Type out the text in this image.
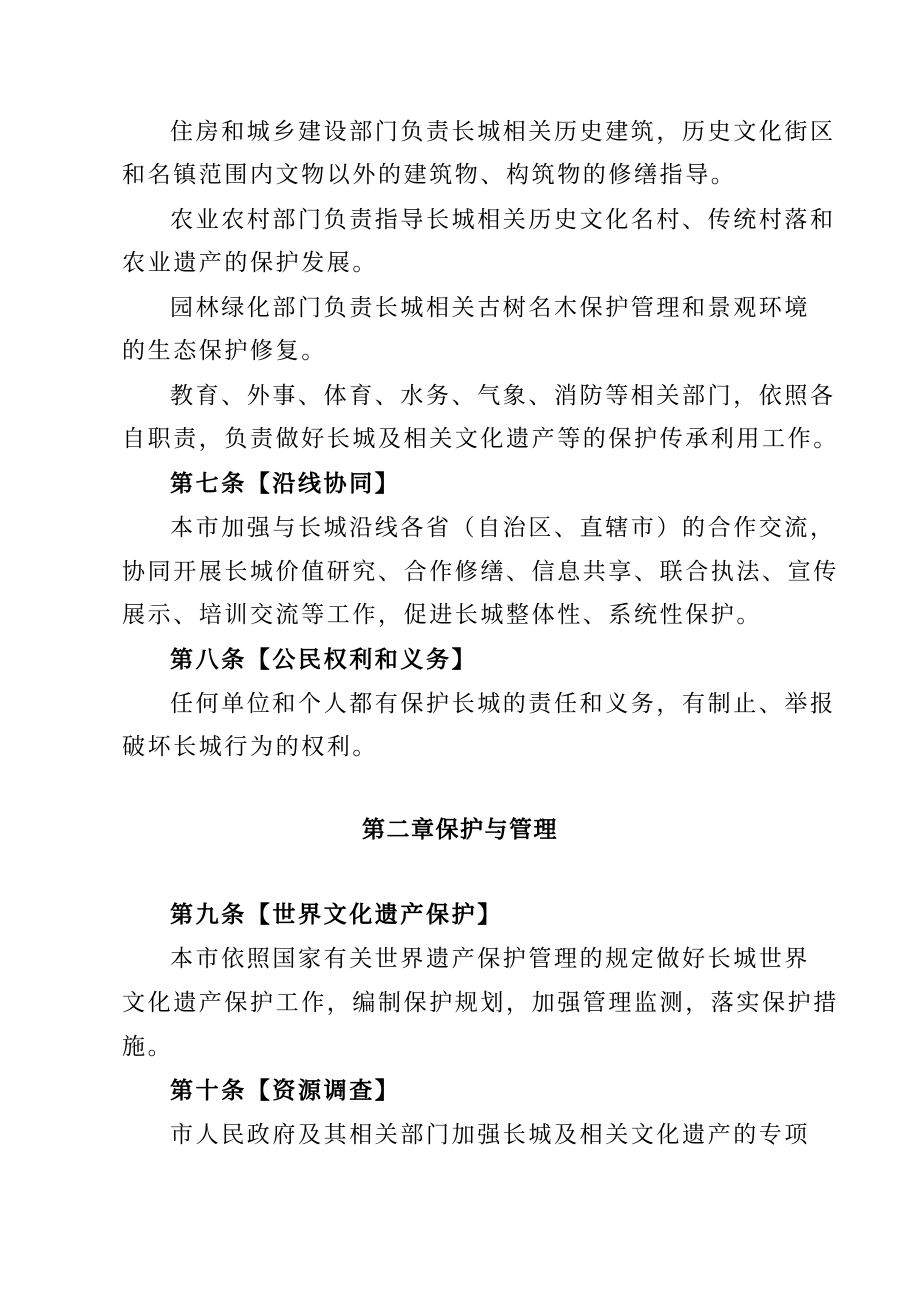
住房和城乡建设部门负责长城相关历史建筑，历史文化街区
和名镇范围内文物以外的建筑物、构筑物的修缮指导。
农业农村部门负责指导长城相关历史文化名村、传统村落和
农业遗产的保护发展。
园林绿化部门负责长城相关古树名木保护管理和景观环境
的生态保护修复。
教育、外事、体育、水务、气象、消防等相关部门，依照各
自职责，负责做好长城及相关文化遗产等的保护传承利用工作。
第七条【沿线协同】
本市加强与长城沿线各省（自治区、直辖市）的合作交流，
协同开展长城价值研究、合作修缮、信息共享、联合执法、宣传
展示、培训交流等工作，促进长城整体性、系统性保护。
第八条【公民权利和义务】
任何单位和个人都有保护长城的责任和义务，有制止、举报
破坏长城行为的权利。
第二章保护与管理
第九条【世界文化遗产保护】
本市依照国家有关世界遗产保护管理的规定做好长城世界
文化遗产保护工作，编制保护规划，加强管理监测，落实保护措
施。
第十条【资源调查】
市人民政府及其相关部门加强长城及相关文化遗产的专项
